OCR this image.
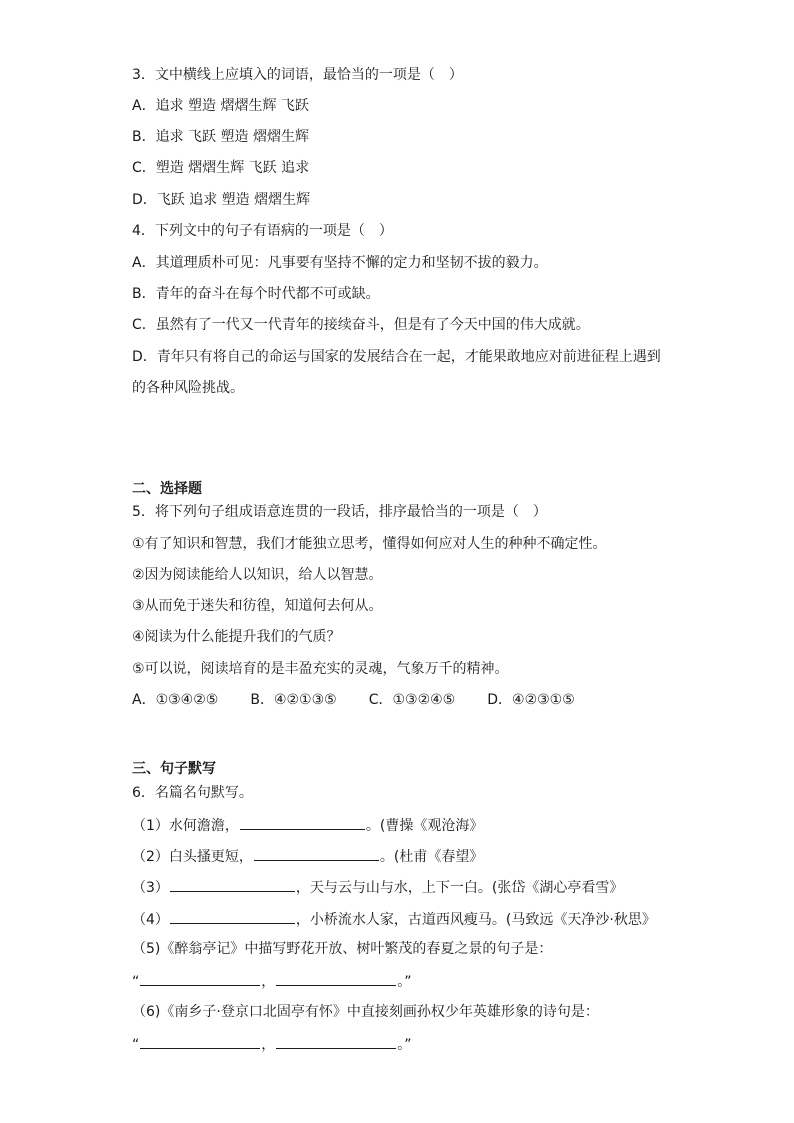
3．文中横线上应填入的词语，最恰当的一项是（　）
A．追求 塑造 熠熠生辉 飞跃
B．追求 飞跃 塑造 熠熠生辉
C．塑造 熠熠生辉 飞跃 追求
D．飞跃 追求 塑造 熠熠生辉
4．下列文中的句子有语病的一项是（　）
A．其道理质朴可见：凡事要有坚持不懈的定力和坚韧不拔的毅力。
B．青年的奋斗在每个时代都不可或缺。
C．虽然有了一代又一代青年的接续奋斗，但是有了今天中国的伟大成就。
D．青年只有将自己的命运与国家的发展结合在一起，才能果敢地应对前进征程上遇到
的各种风险挑战。
二、选择题
5．将下列句子组成语意连贯的一段话，排序最恰当的一项是（　）
①有了知识和智慧，我们才能独立思考，懂得如何应对人生的种种不确定性。
②因为阅读能给人以知识，给人以智慧。
③从而免于迷失和彷徨，知道何去何从。
④阅读为什么能提升我们的气质？
⑤可以说，阅读培育的是丰盈充实的灵魂，气象万千的精神。
A．①③④②⑤ B．④②①③⑤ C．①③②④⑤ D．④②③①⑤
三、句子默写
6．名篇名句默写。
（1）水何澹澹，	。(曹操《观沧海》
（2）白头搔更短，	。(杜甫《春望》
（3）	，天与云与山与水，上下一白。(张岱《湖心亭看雪》
（4）	，小桥流水人家，古道西风瘦马。(马致远《天净沙·秋思》
（5)《醉翁亭记》中描写野花开放、树叶繁茂的春夏之景的句子是：
“	，	。”
（6)《南乡子·登京口北固亭有怀》中直接刻画孙权少年英雄形象的诗句是：
“	，	。”
